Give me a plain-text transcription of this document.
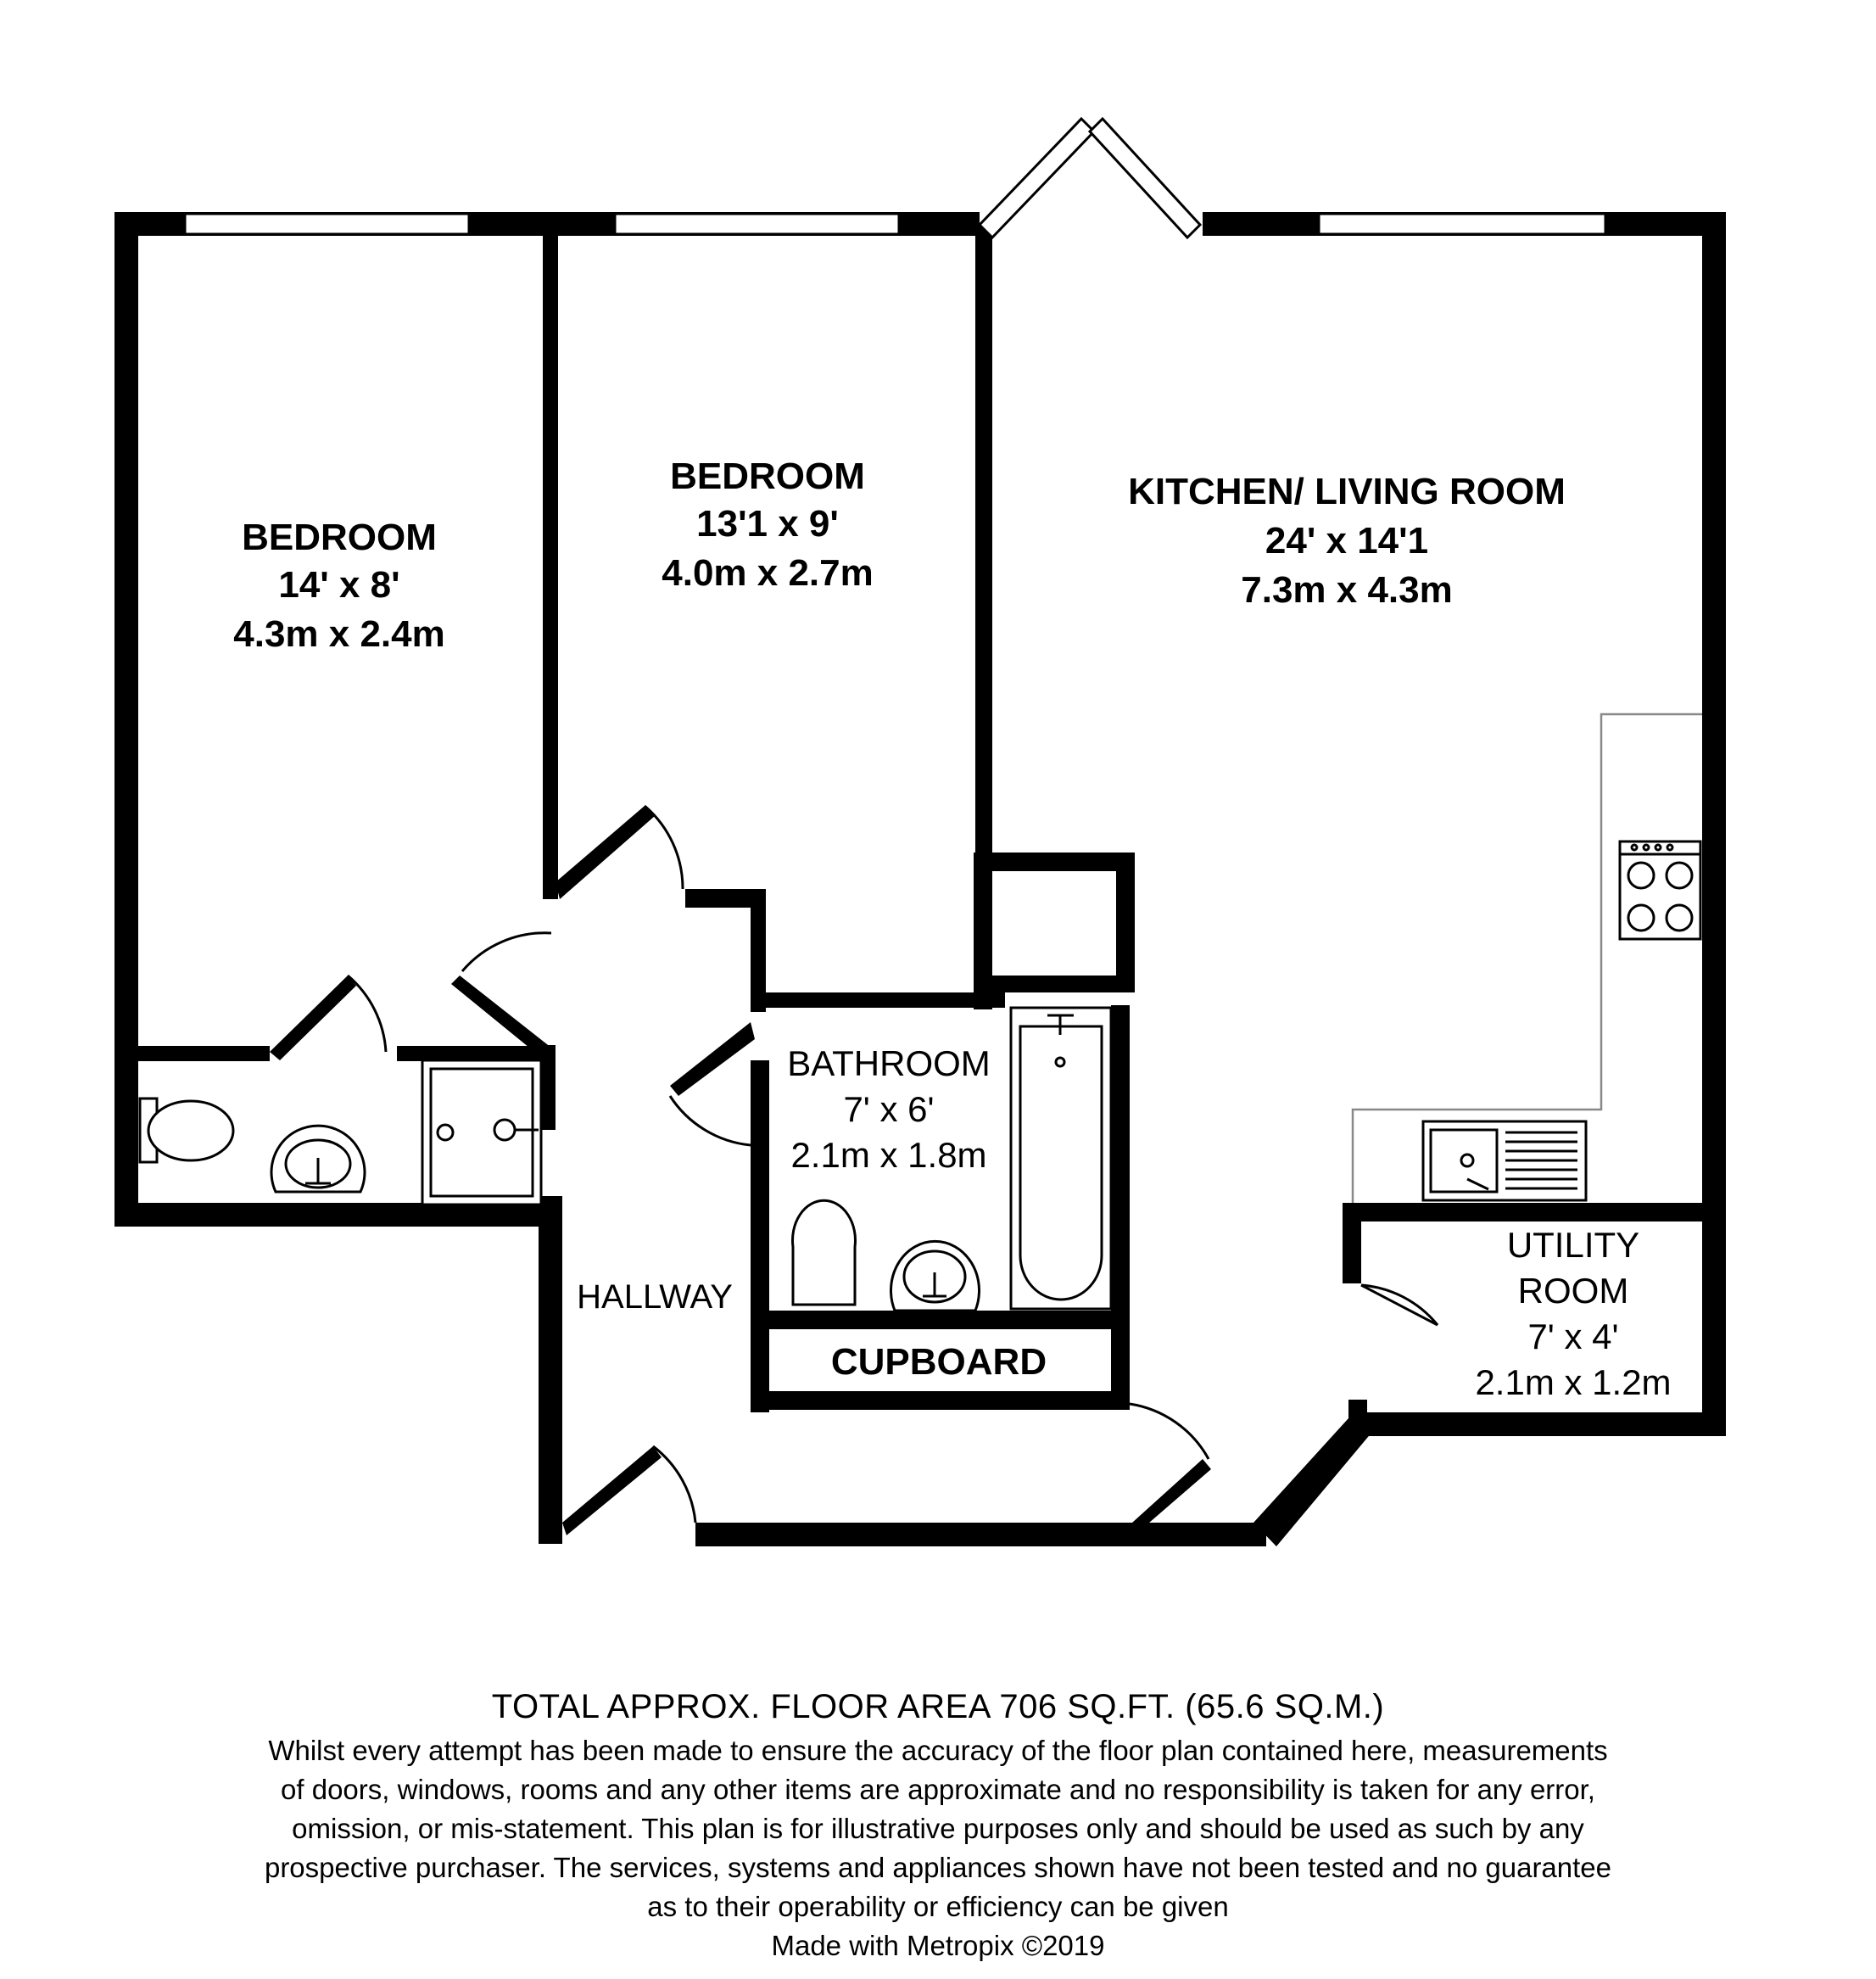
BEDROOM
14' x 8'
4.3m x 2.4m
BEDROOM
13'1 x 9'
4.0m x 2.7m
KITCHEN/ LIVING ROOM
24' x 14'1
7.3m x 4.3m
BATHROOM
7' x 6'
2.1m x 1.8m
UTILITY
ROOM
7' x 4'
2.1m x 1.2m
HALLWAY
CUPBOARD
TOTAL APPROX. FLOOR AREA 706 SQ.FT. (65.6 SQ.M.)
Whilst every attempt has been made to ensure the accuracy of the floor plan contained here, measurements
of doors, windows, rooms and any other items are approximate and no responsibility is taken for any error,
omission, or mis-statement. This plan is for illustrative purposes only and should be used as such by any
prospective purchaser. The services, systems and appliances shown have not been tested and no guarantee
as to their operability or efficiency can be given
Made with Metropix ©2019
